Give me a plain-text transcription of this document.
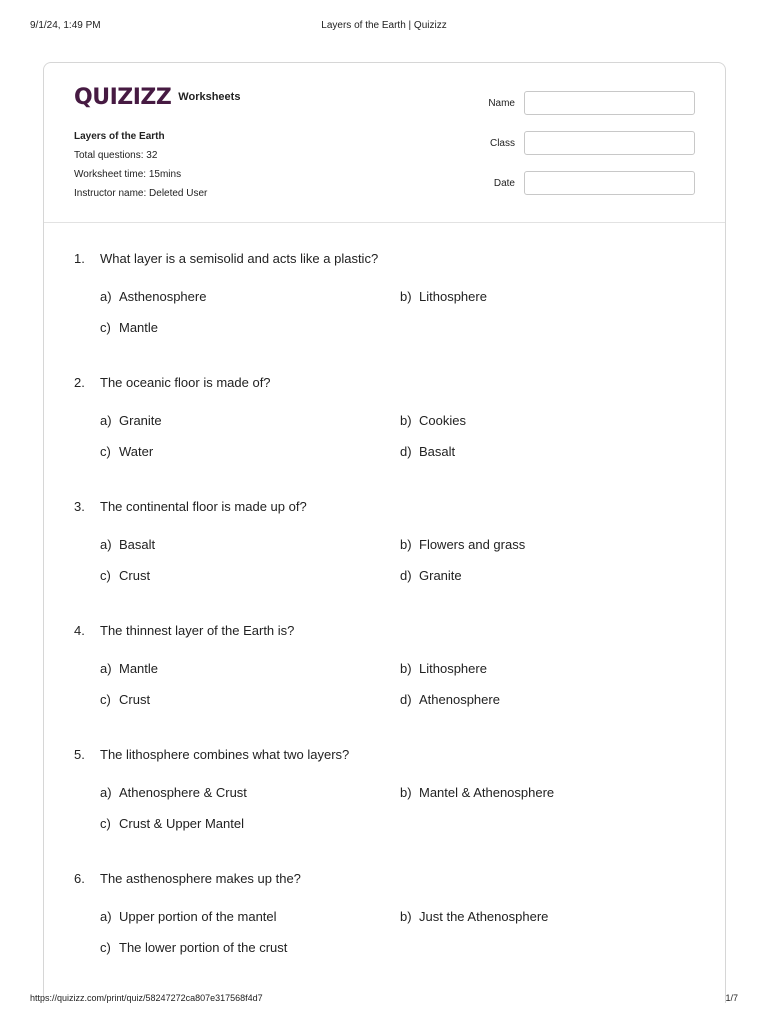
9/1/24, 1:49 PM	Layers of the Earth | Quizizz
QUIZIZZ Worksheets
Layers of the Earth
Total questions: 32
Worksheet time: 15mins
Instructor name: Deleted User
Name
Class
Date
1. What layer is a semisolid and acts like a plastic?
a) Asthenosphere	b) Lithosphere
c) Mantle
2. The oceanic floor is made of?
a) Granite	b) Cookies
c) Water	d) Basalt
3. The continental floor is made up of?
a) Basalt	b) Flowers and grass
c) Crust	d) Granite
4. The thinnest layer of the Earth is?
a) Mantle	b) Lithosphere
c) Crust	d) Athenosphere
5. The lithosphere combines what two layers?
a) Athenosphere & Crust	b) Mantel & Athenosphere
c) Crust & Upper Mantel
6. The asthenosphere makes up the?
a) Upper portion of the mantel	b) Just the Athenosphere
c) The lower portion of the crust
https://quizizz.com/print/quiz/58247272ca807e317568f4d7	1/7
